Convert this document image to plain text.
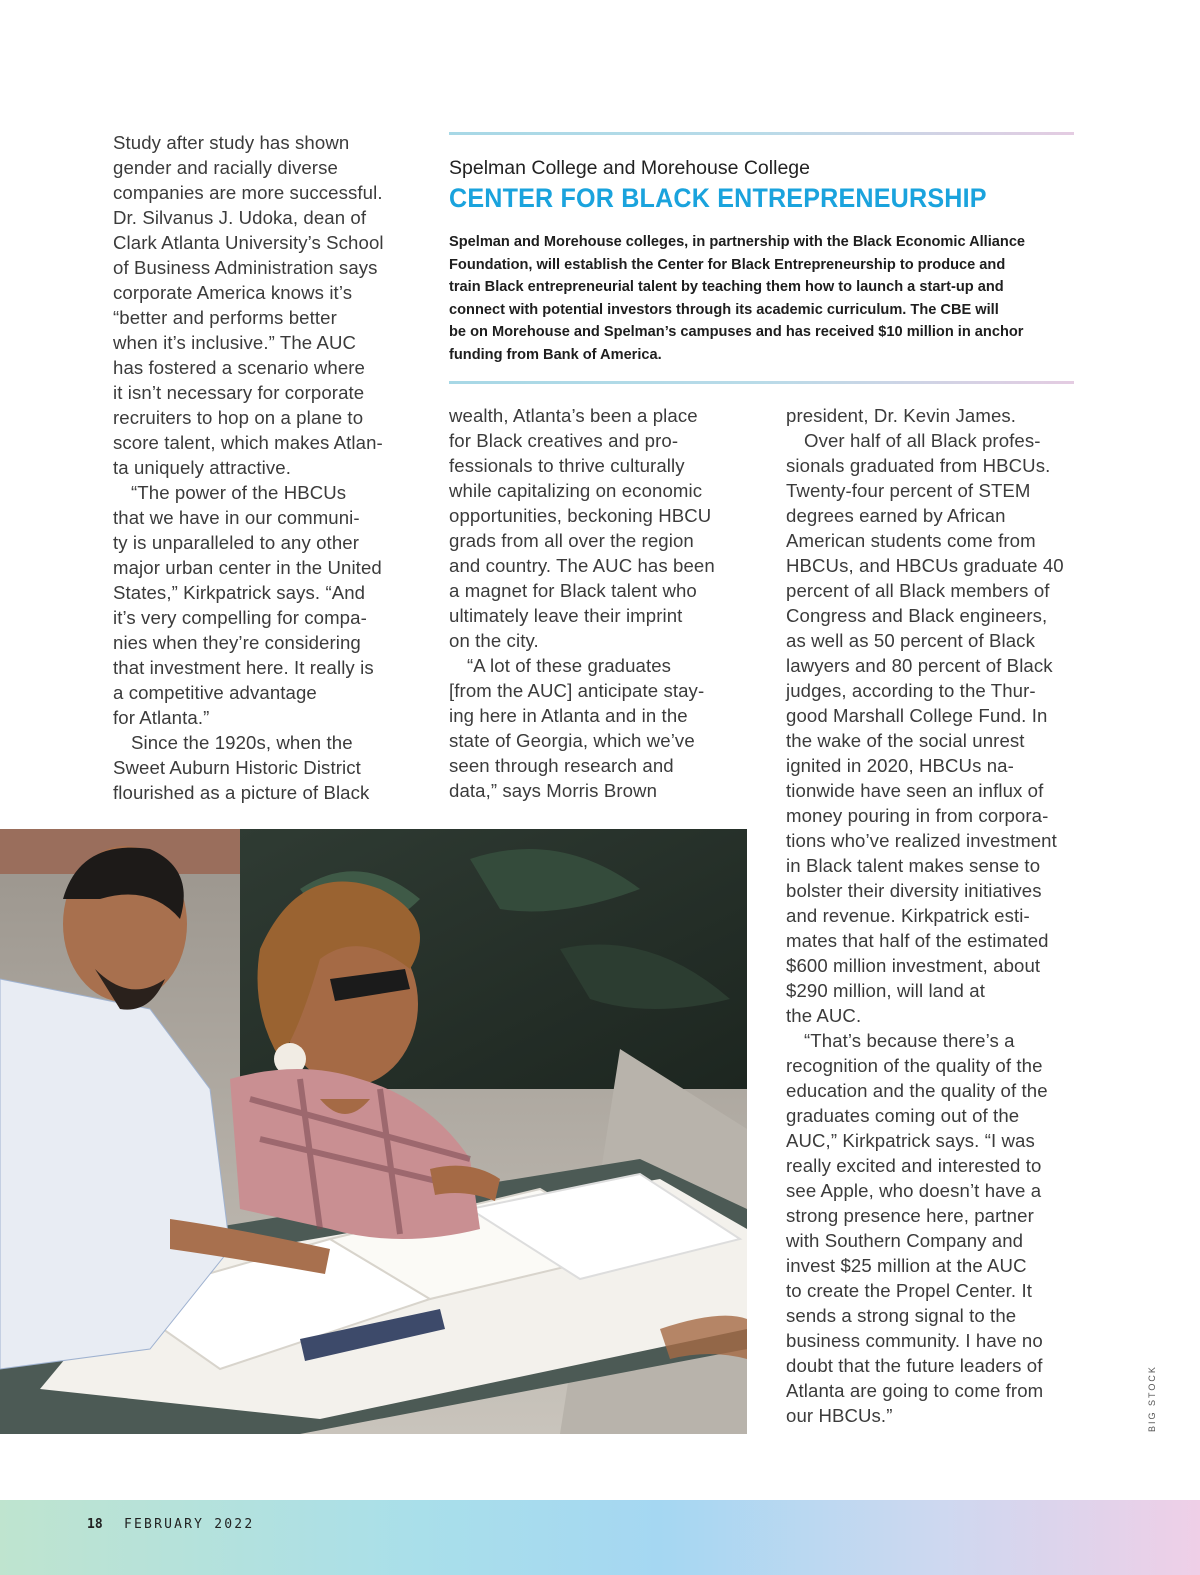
Study after study has shown

gender and racially diverse

companies are more successful.

Dr. Silvanus J. Udoka, dean of

Clark Atlanta University’s School

of Business Administration says

corporate America knows it’s

“better and performs better

when it’s inclusive.” The AUC

has fostered a scenario where

it isn’t necessary for corporate

recruiters to hop on a plane to

score talent, which makes Atlan-

ta uniquely attractive.

“The power of the HBCUs

that we have in our communi-

ty is unparalleled to any other

major urban center in the United

States,” Kirkpatrick says. “And

it’s very compelling for compa-

nies when they’re considering

that investment here. It really is

a competitive advantage

for Atlanta.”

Since the 1920s, when the

Sweet Auburn Historic District

flourished as a picture of Black

Spelman College and Morehouse College
CENTER FOR BLACK ENTREPRENEURSHIP

Spelman and Morehouse colleges, in partnership with the Black Economic Alliance

Foundation, will establish the Center for Black Entrepreneurship to produce and

train Black entrepreneurial talent by teaching them how to launch a start-up and

connect with potential investors through its academic curriculum. The CBE will

be on Morehouse and Spelman’s campuses and has received $10 million in anchor

funding from Bank of America.

wealth, Atlanta’s been a place

for Black creatives and pro-

fessionals to thrive culturally

while capitalizing on economic

opportunities, beckoning HBCU

grads from all over the region

and country. The AUC has been

a magnet for Black talent who

ultimately leave their imprint

on the city.

“A lot of these graduates

[from the AUC] anticipate stay-

ing here in Atlanta and in the

state of Georgia, which we’ve

seen through research and

data,” says Morris Brown

president, Dr. Kevin James.

Over half of all Black profes-

sionals graduated from HBCUs.

Twenty-four percent of STEM

degrees earned by African

American students come from

HBCUs, and HBCUs graduate 40

percent of all Black members of

Congress and Black engineers,

as well as 50 percent of Black

lawyers and 80 percent of Black

judges, according to the Thur-

good Marshall College Fund. In

the wake of the social unrest

ignited in 2020, HBCUs na-

tionwide have seen an influx of

money pouring in from corpora-

tions who’ve realized investment

in Black talent makes sense to

bolster their diversity initiatives

and revenue. Kirkpatrick esti-

mates that half of the estimated

$600 million investment, about

$290 million, will land at

the AUC.

“That’s because there’s a

recognition of the quality of the

education and the quality of the

graduates coming out of the

AUC,” Kirkpatrick says. “I was

really excited and interested to

see Apple, who doesn’t have a

strong presence here, partner

with Southern Company and

invest $25 million at the AUC

to create the Propel Center. It

sends a strong signal to the

business community. I have no

doubt that the future leaders of

Atlanta are going to come from

our HBCUs.”	BIG STOCK
18 FEBRUARY 2022
